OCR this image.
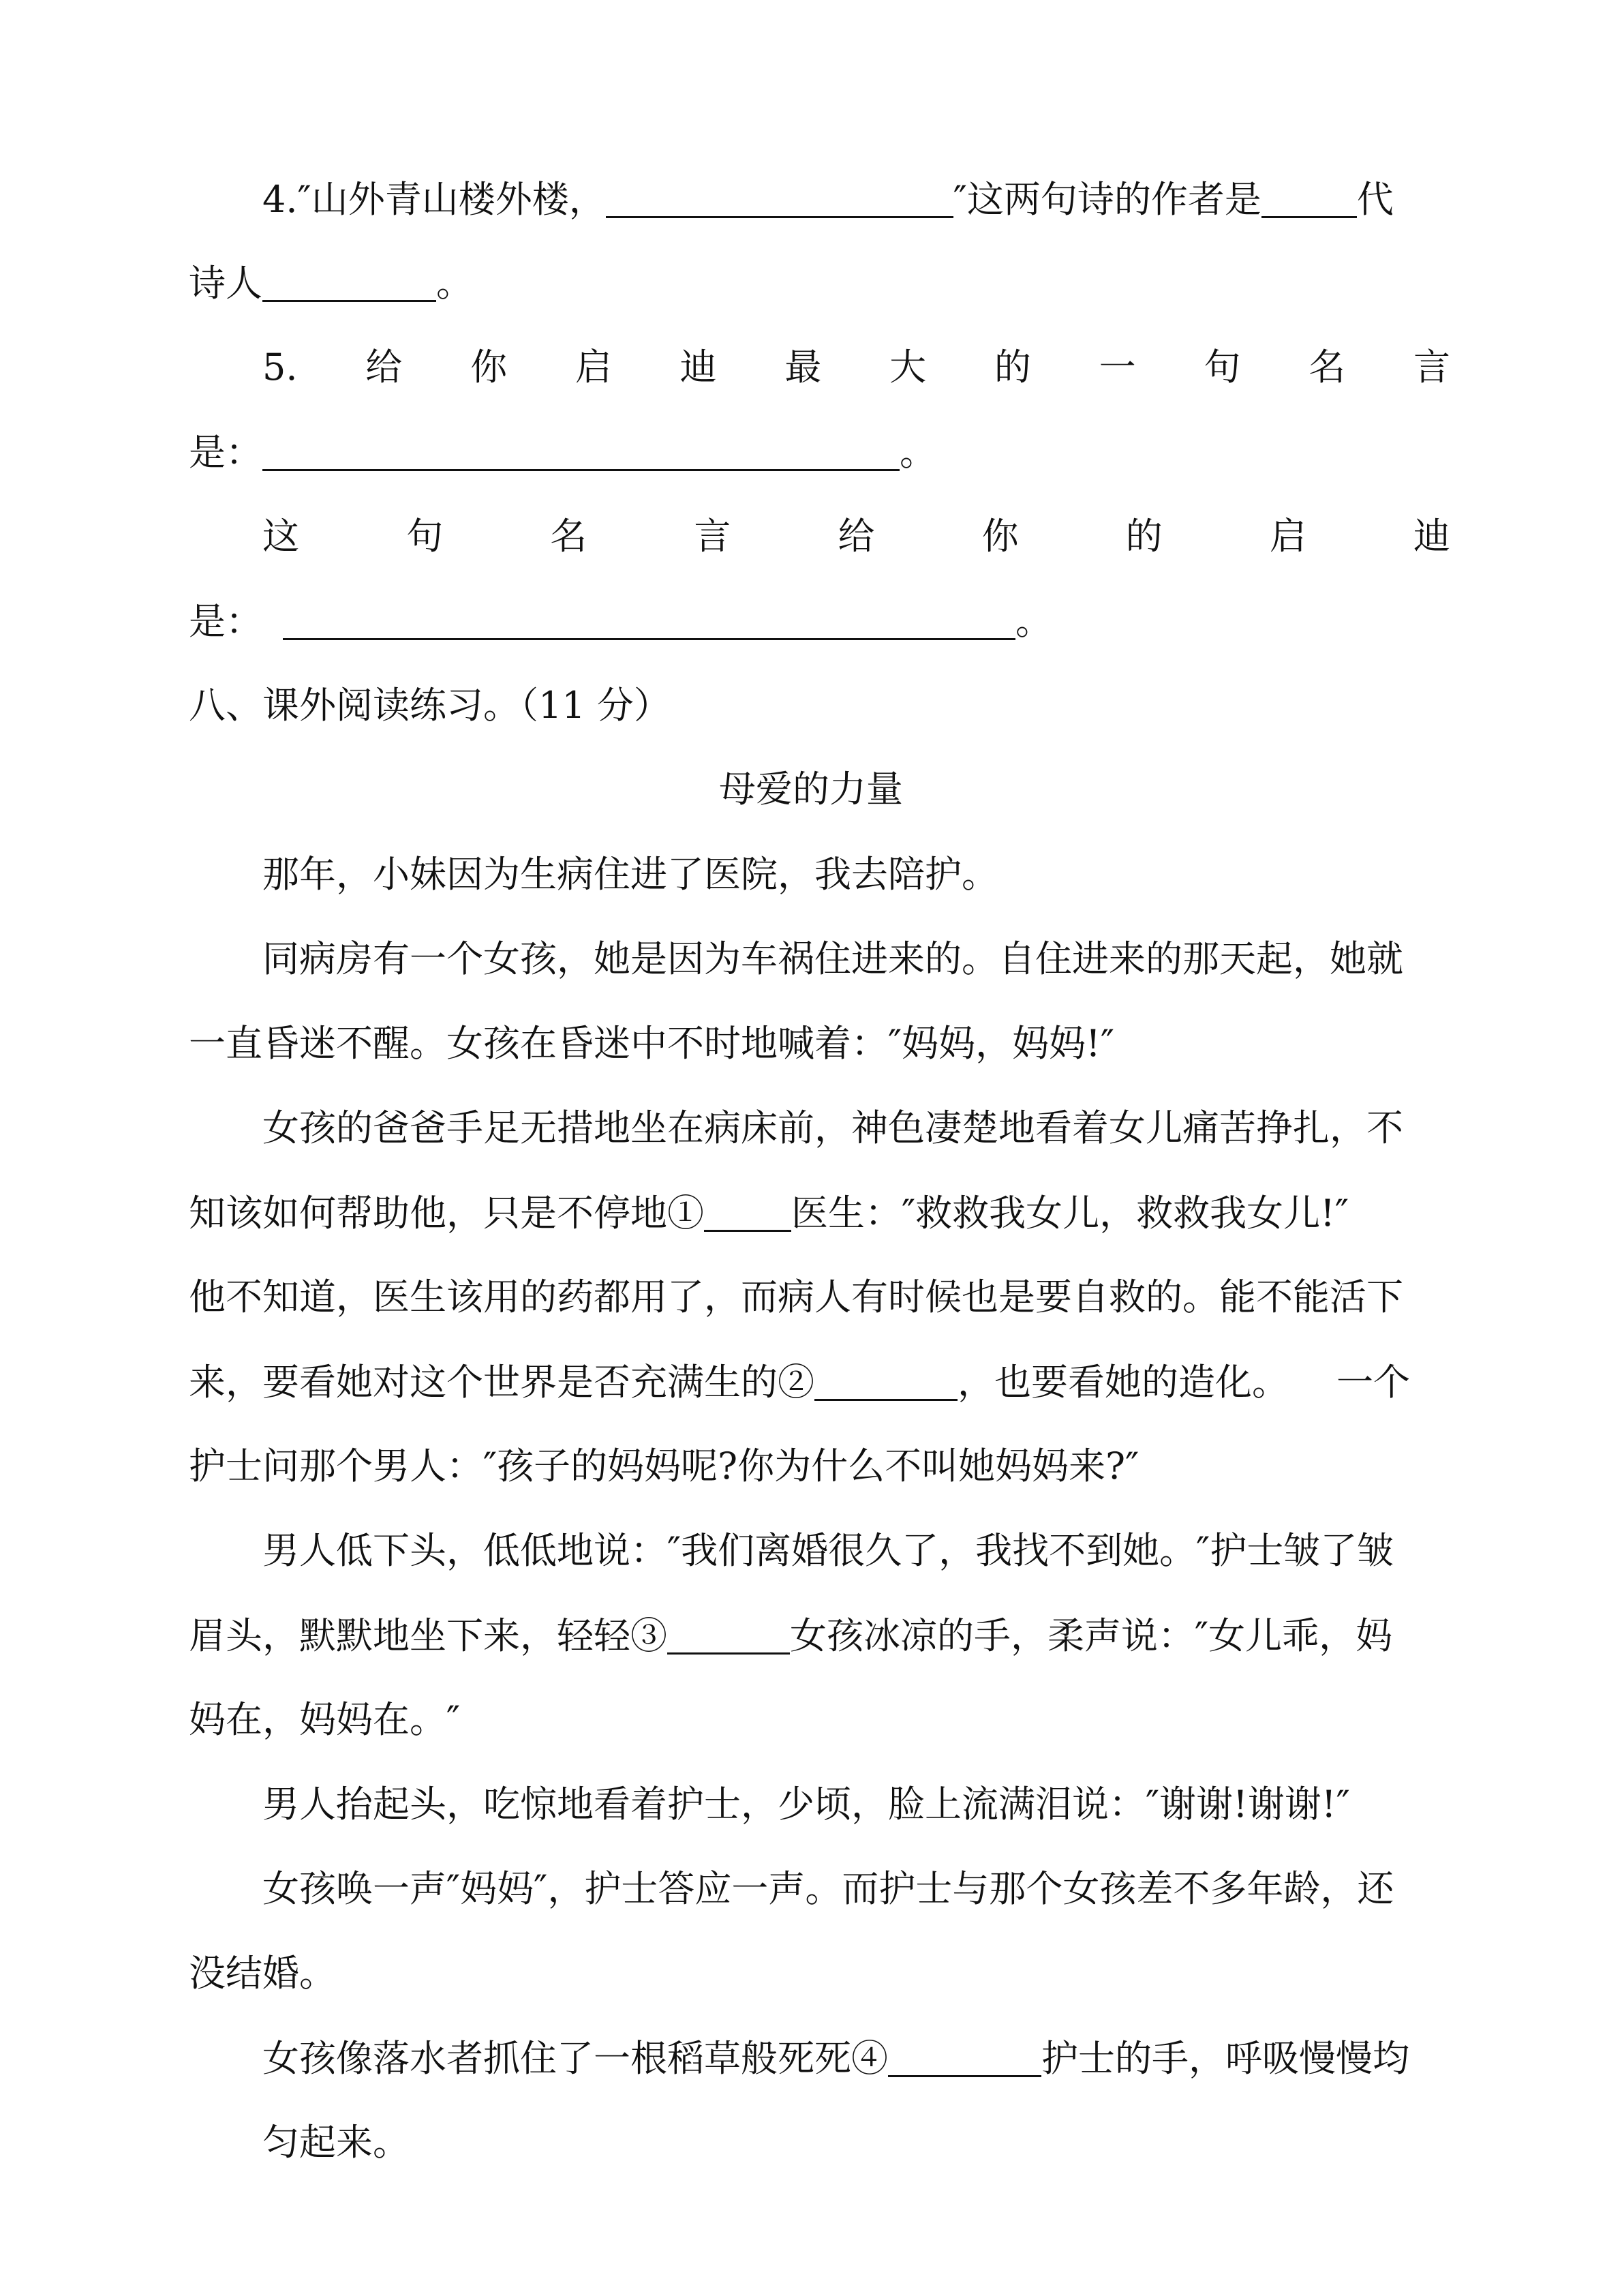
4.″山外青山楼外楼，	″这两句诗的作者是	代
诗人	。
5. 给 你 启 迪 最 大 的 一 句 名 言
是：	。
这	句	名	言	给	你	的	启	迪
是：	。
八、课外阅读练习。（11 分）
母爱的力量
那年，小妹因为生病住进了医院，我去陪护。
同病房有一个女孩，她是因为车祸住进来的。自住进来的那天起，她就
一直昏迷不醒。女孩在昏迷中不时地喊着：″妈妈，妈妈!″
女孩的爸爸手足无措地坐在病床前，神色凄楚地看着女儿痛苦挣扎，不
知该如何帮助他，只是不停地① 医生：″救救我女儿，救救我女儿!″
他不知道，医生该用的药都用了，而病人有时候也是要自救的。能不能活下
来，要看她对这个世界是否充满生的②	，也要看她的造化。 一个
护士问那个男人：″孩子的妈妈呢?你为什么不叫她妈妈来?″
男人低下头，低低地说：″我们离婚很久了，我找不到她。″护士皱了皱
眉头，默默地坐下来，轻轻③	女孩冰凉的手，柔声说：″女儿乖，妈
妈在，妈妈在。″
男人抬起头，吃惊地看着护士，少顷，脸上流满泪说：″谢谢!谢谢!″
女孩唤一声″妈妈″，护士答应一声。而护士与那个女孩差不多年龄，还
没结婚。
女孩像落水者抓住了一根稻草般死死④	护士的手，呼吸慢慢均
匀起来。
